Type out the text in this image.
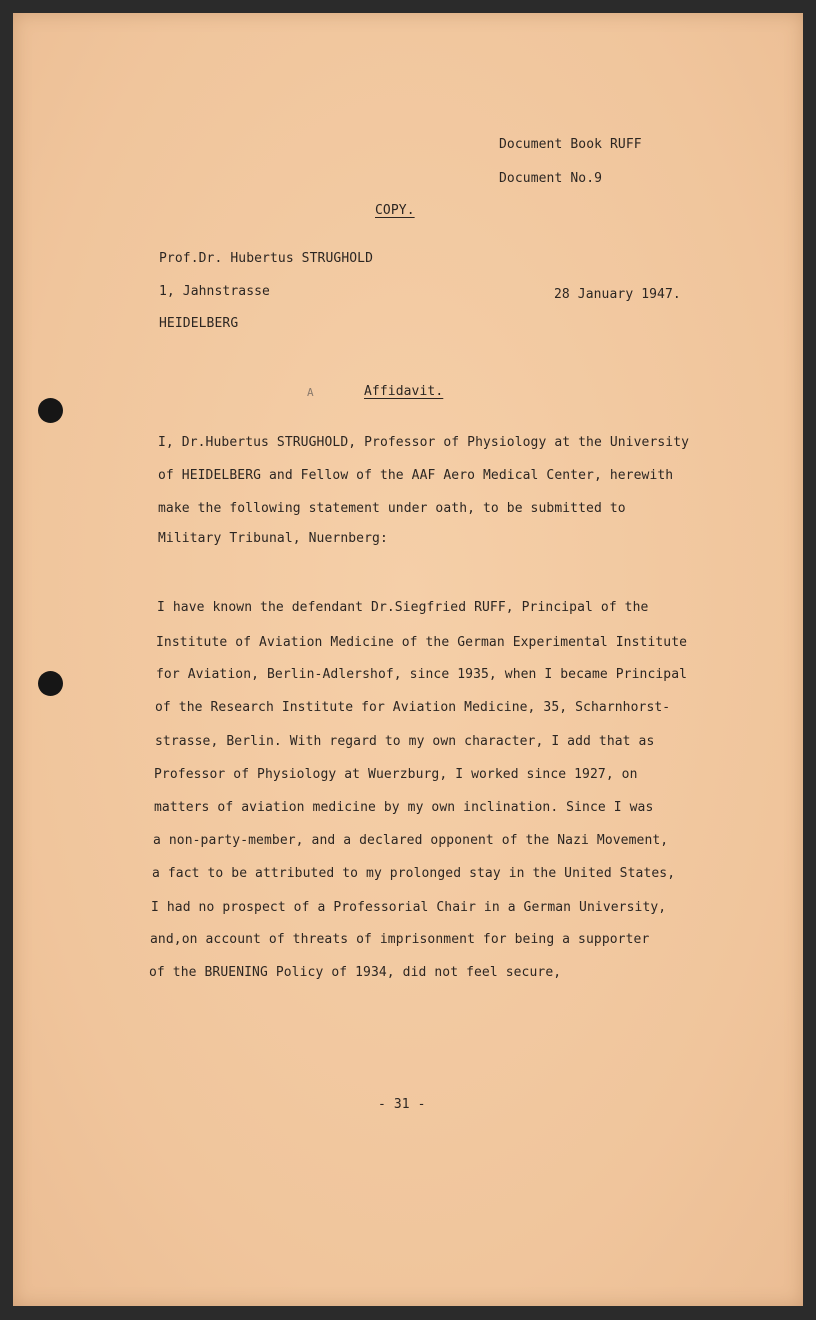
Document Book RUFF
Document No.9
COPY.
Prof.Dr. Hubertus STRUGHOLD
1, Jahnstrasse	28 January 1947.
HEIDELBERG
A	Affidavit.
I, Dr.Hubertus STRUGHOLD, Professor of Physiology at the University
of HEIDELBERG and Fellow of the AAF Aero Medical Center, herewith
make the following statement under oath, to be submitted to
Military Tribunal, Nuernberg:
I have known the defendant Dr.Siegfried RUFF, Principal of the
Institute of Aviation Medicine of the German Experimental Institute
for Aviation, Berlin-Adlershof, since 1935, when I became Principal
of the Research Institute for Aviation Medicine, 35, Scharnhorst-
strasse, Berlin. With regard to my own character, I add that as
Professor of Physiology at Wuerzburg, I worked since 1927, on
matters of aviation medicine by my own inclination. Since I was
a non-party-member, and a declared opponent of the Nazi Movement,
a fact to be attributed to my prolonged stay in the United States,
I had no prospect of a Professorial Chair in a German University,
and,on account of threats of imprisonment for being a supporter
of the BRUENING Policy of 1934, did not feel secure,
- 31 -
